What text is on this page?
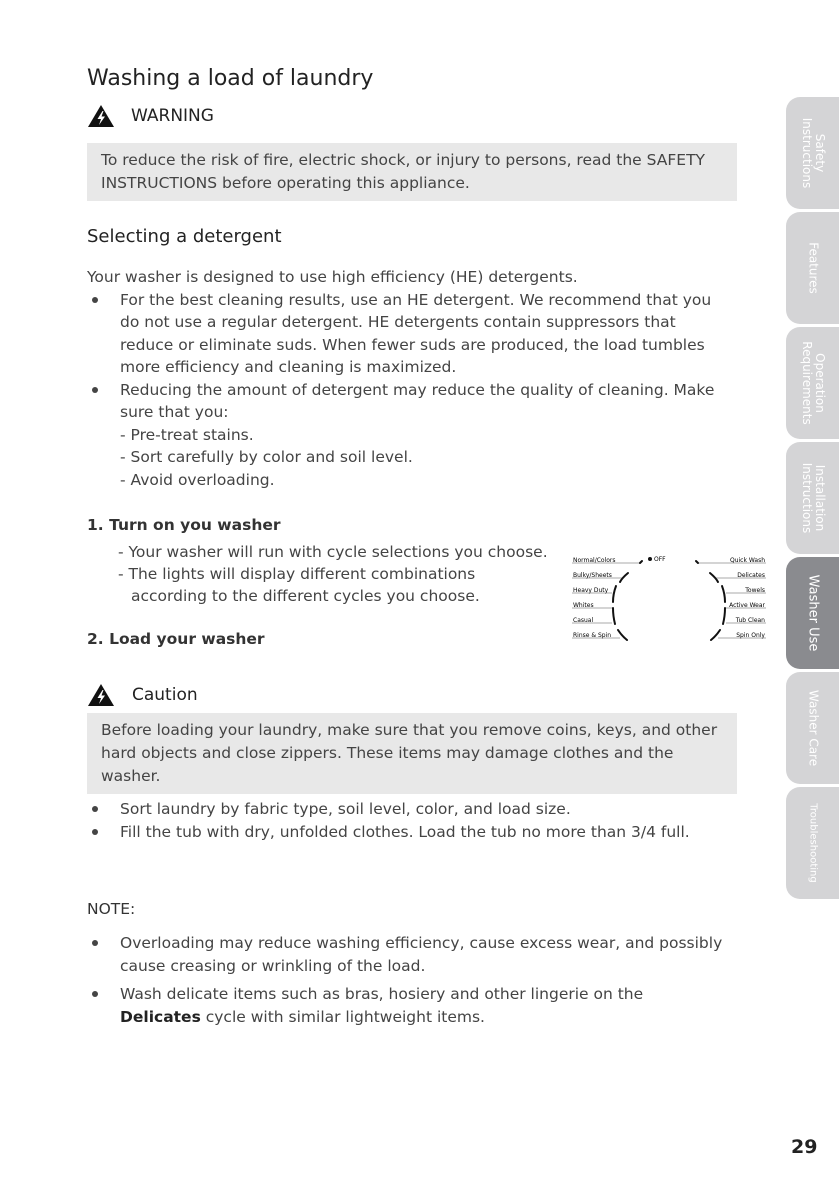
Washing a load of laundry
WARNING
To reduce the risk of fire, electric shock, or injury to persons, read the SAFETY INSTRUCTIONS before operating this appliance.
Selecting a detergent
Your washer is designed to use high efficiency (HE) detergents.
For the best cleaning results, use an HE detergent. We recommend that you do not use a regular detergent. HE detergents contain suppressors that reduce or eliminate suds. When fewer suds are produced, the load tumbles more efficiency and cleaning is maximized.
Reducing the amount of detergent may reduce the quality of cleaning. Make sure that you:
- Pre-treat stains.
- Sort carefully by color and soil level.
- Avoid overloading.
1. Turn on you washer
- Your washer will run with cycle selections you choose.
- The lights will display different combinations according to the different cycles you choose.
2. Load your washer
OFF
Normal/Colors
Bulky/Sheets
Heavy Duty
Whites
Casual
Rinse & Spin
Quick Wash
Delicates
Towels
Active Wear
Tub Clean
Spin Only
Caution
Before loading your laundry, make sure that you remove coins, keys, and other hard objects and close zippers. These items may damage clothes and the washer.
Sort laundry by fabric type, soil level, color, and load size.
Fill the tub with dry, unfolded clothes. Load the tub no more than 3/4 full.
NOTE:
Overloading may reduce washing efficiency, cause excess wear, and possibly cause creasing or wrinkling of the load.
Wash delicate items such as bras, hosiery and other lingerie on the Delicates cycle with similar lightweight items.
Safety
Instructions
Features
Operation
Requirements
Installation
Instructions
Washer Use
Washer Care
Troubleshooting
29
